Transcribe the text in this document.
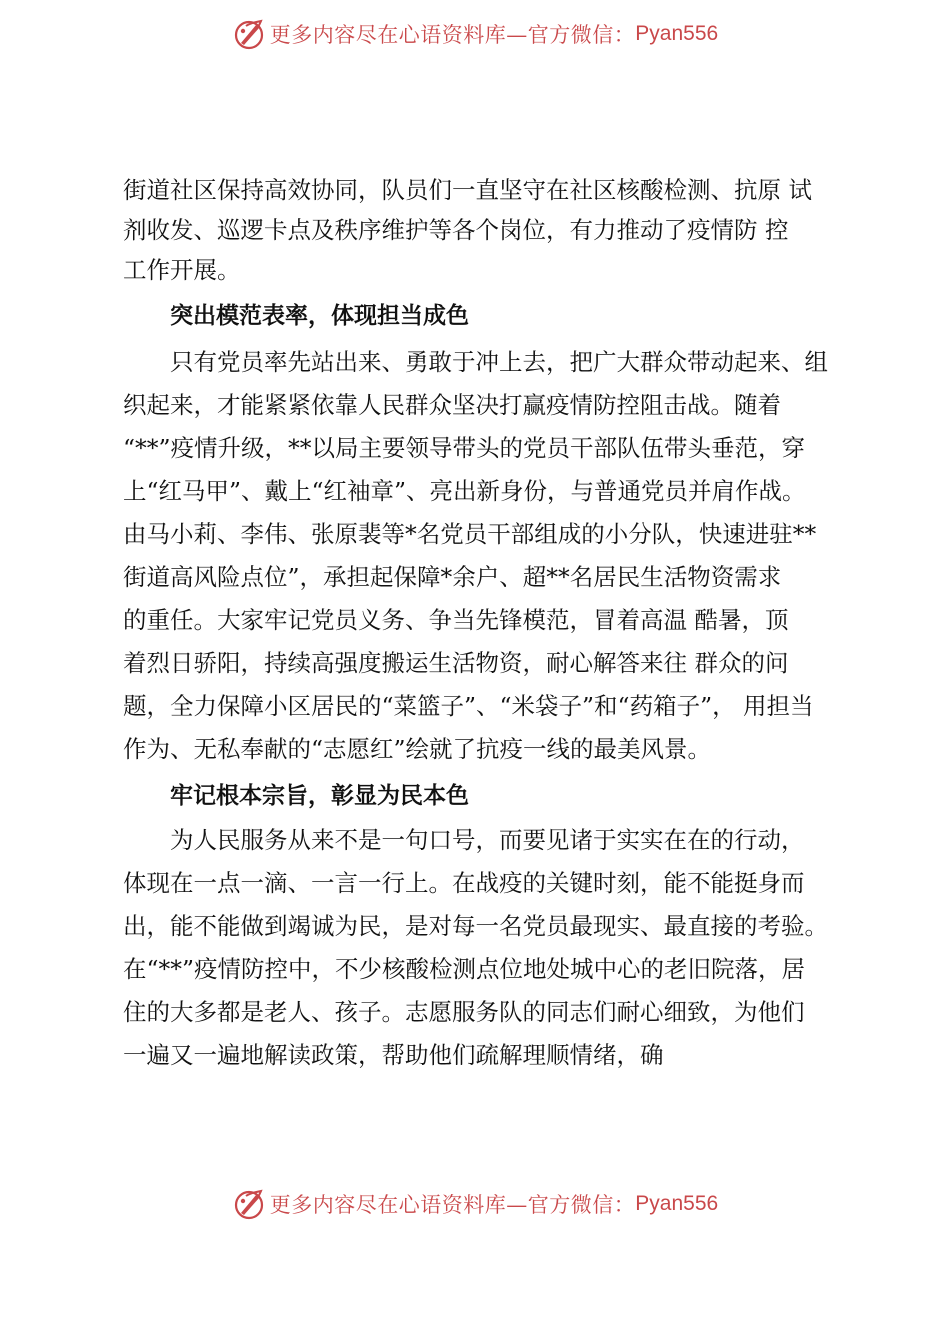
更多内容尽在心语资料库—官方微信： Pyan556
街道社区保持高效协同，队员们一直坚守在社区核酸检测、抗原 试
剂收发、巡逻卡点及秩序维护等各个岗位，有力推动了疫情防 控
工作开展。
突出模范表率，体现担当成色
只有党员率先站出来、勇敢于冲上去，把广大群众带动起来、组
织起来，才能紧紧依靠人民群众坚决打赢疫情防控阻击战。随着
“**”疫情升级，**以局主要领导带头的党员干部队伍带头垂范，穿
上“红马甲”、戴上“红袖章”、亮出新身份，与普通党员并肩作战。
由马小莉、李伟、张原裴等*名党员干部组成的小分队，快速进驻**
街道高风险点位”，承担起保障*余户、超**名居民生活物资需求
的重任。大家牢记党员义务、争当先锋模范，冒着高温 酷暑，顶
着烈日骄阳，持续高强度搬运生活物资，耐心解答来往 群众的问
题，全力保障小区居民的“菜篮子”、“米袋子”和“药箱子”， 用担当
作为、无私奉献的“志愿红”绘就了抗疫一线的最美风景。
牢记根本宗旨，彰显为民本色
为人民服务从来不是一句口号，而要见诸于实实在在的行动，
体现在一点一滴、一言一行上。在战疫的关键时刻，能不能挺身而
出，能不能做到竭诚为民，是对每一名党员最现实、最直接的考验。
在“**”疫情防控中，不少核酸检测点位地处城中心的老旧院落，居
住的大多都是老人、孩子。志愿服务队的同志们耐心细致，为他们
一遍又一遍地解读政策，帮助他们疏解理顺情绪，确
更多内容尽在心语资料库—官方微信： Pyan556
